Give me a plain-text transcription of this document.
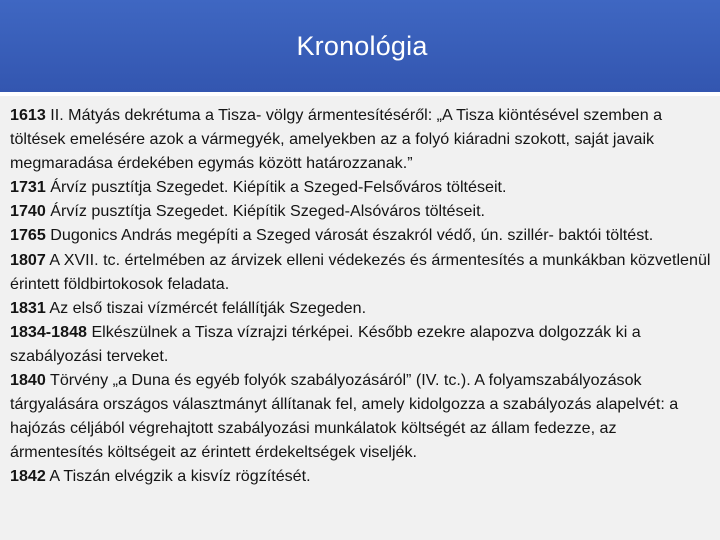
Kronológia

1613 II. Mátyás dekrétuma a Tisza- völgy ármentesítéséről: „A Tisza kiöntésével szemben a töltések emelésére azok a vármegyék, amelyekben az a folyó kiáradni szokott, saját javaik megmaradása érdekében egymás között határozzanak.”

1731 Árvíz pusztítja Szegedet. Kiépítik a Szeged-Felsőváros töltéseit.

1740 Árvíz pusztítja Szegedet. Kiépítik Szeged-Alsóváros töltéseit.

1765 Dugonics András megépíti a Szeged városát északról védő, ún. szillér- baktói töltést.

1807 A XVII. tc. értelmében az árvizek elleni védekezés és ármentesítés a munkákban közvetlenül érintett földbirtokosok feladata.

1831 Az első tiszai vízmércét felállítják Szegeden.

1834-1848 Elkészülnek a Tisza vízrajzi térképei. Később ezekre alapozva dolgozzák ki a szabályozási terveket.

1840 Törvény „a Duna és egyéb folyók szabályozásáról” (IV. tc.). A folyamszabályozások tárgyalására országos választmányt állítanak fel, amely kidolgozza a szabályozás alapelvét: a hajózás céljából végrehajtott szabályozási munkálatok költségét az állam fedezze, az ármentesítés költségeit az érintett érdekeltségek viseljék.

1842 A Tiszán elvégzik a kisvíz rögzítését.
